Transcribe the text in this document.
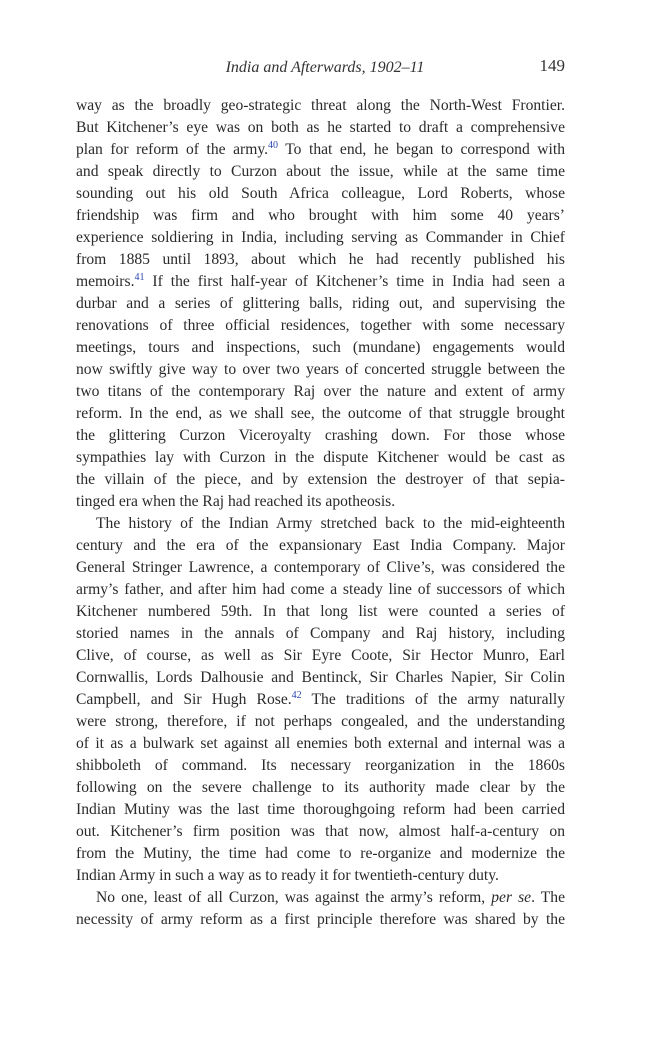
India and Afterwards, 1902–11	149
way as the broadly geo-strategic threat along the North-West Frontier.
But Kitchener’s eye was on both as he started to draft a comprehensive
plan for reform of the army.$^{40}$ To that end, he began to correspond with
and speak directly to Curzon about the issue, while at the same time
sounding out his old South Africa colleague, Lord Roberts, whose
friendship was firm and who brought with him some 40 years’
experience soldiering in India, including serving as Commander in Chief
from 1885 until 1893, about which he had recently published his
memoirs.$^{41}$ If the first half-year of Kitchener’s time in India had seen a
durbar and a series of glittering balls, riding out, and supervising the
renovations of three official residences, together with some necessary
meetings, tours and inspections, such (mundane) engagements would
now swiftly give way to over two years of concerted struggle between the
two titans of the contemporary Raj over the nature and extent of army
reform. In the end, as we shall see, the outcome of that struggle brought
the glittering Curzon Viceroyalty crashing down. For those whose
sympathies lay with Curzon in the dispute Kitchener would be cast as
the villain of the piece, and by extension the destroyer of that sepia-
tinged era when the Raj had reached its apotheosis.
The history of the Indian Army stretched back to the mid-eighteenth
century and the era of the expansionary East India Company. Major
General Stringer Lawrence, a contemporary of Clive’s, was considered the
army’s father, and after him had come a steady line of successors of which
Kitchener numbered 59th. In that long list were counted a series of
storied names in the annals of Company and Raj history, including
Clive, of course, as well as Sir Eyre Coote, Sir Hector Munro, Earl
Cornwallis, Lords Dalhousie and Bentinck, Sir Charles Napier, Sir Colin
Campbell, and Sir Hugh Rose.$^{42}$ The traditions of the army naturally
were strong, therefore, if not perhaps congealed, and the understanding
of it as a bulwark set against all enemies both external and internal was a
shibboleth of command. Its necessary reorganization in the 1860s
following on the severe challenge to its authority made clear by the
Indian Mutiny was the last time thoroughgoing reform had been carried
out. Kitchener’s firm position was that now, almost half-a-century on
from the Mutiny, the time had come to re-organize and modernize the
Indian Army in such a way as to ready it for twentieth-century duty.
No one, least of all Curzon, was against the army’s reform, per se. The
necessity of army reform as a first principle therefore was shared by the
